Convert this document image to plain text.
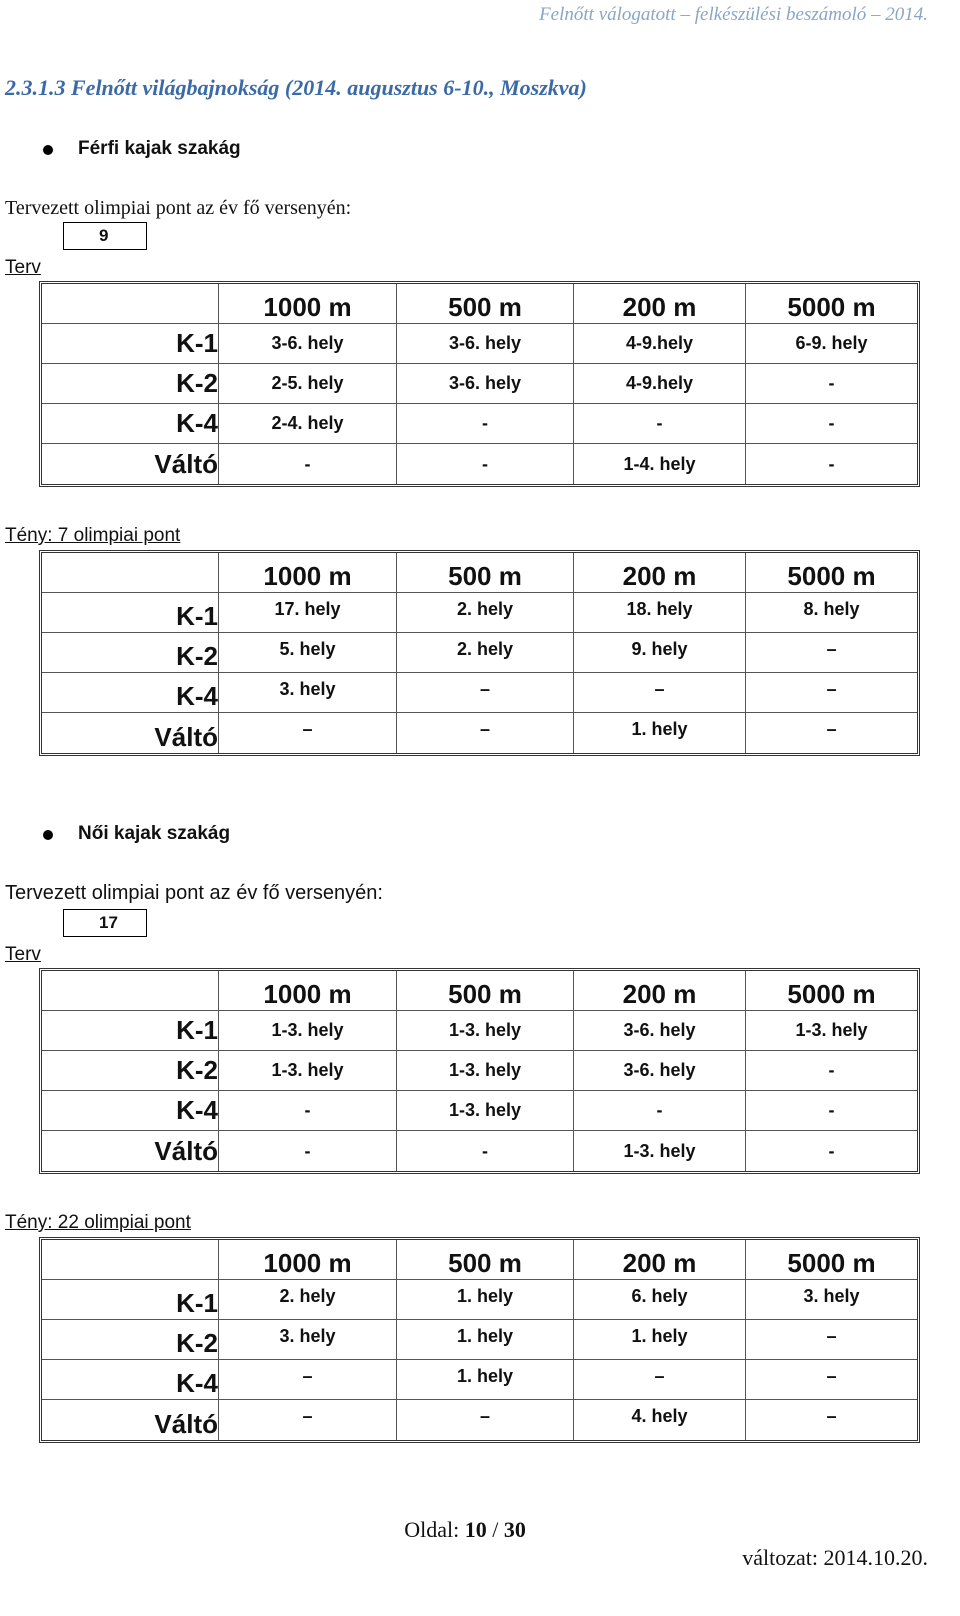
Felnőtt válogatott – felkészülési beszámoló – 2014.
2.3.1.3 Felnőtt világbajnokság (2014. augusztus 6-10., Moszkva)
Férfi kajak szakág
Tervezett olimpiai pont az év fő versenyén:
9
Terv
	1000 m	500 m	200 m	5000 m
K-1	3-6. hely	3-6. hely	4-9.hely	6-9. hely
K-2	2-5. hely	3-6. hely	4-9.hely	-
K-4	2-4. hely	-	-	-
Váltó	-	-	1-4. hely	-
Tény: 7 olimpiai pont
	1000 m	500 m	200 m	5000 m
K-1	17. hely	2. hely	18. hely	8. hely
K-2	5. hely	2. hely	9. hely	–
K-4	3. hely	–	–	–
Váltó	–	–	1. hely	–
Női kajak szakág
Tervezett olimpiai pont az év fő versenyén:
17
Terv
	1000 m	500 m	200 m	5000 m
K-1	1-3. hely	1-3. hely	3-6. hely	1-3. hely
K-2	1-3. hely	1-3. hely	3-6. hely	-
K-4	-	1-3. hely	-	-
Váltó	-	-	1-3. hely	-
Tény: 22 olimpiai pont
	1000 m	500 m	200 m	5000 m
K-1	2. hely	1. hely	6. hely	3. hely
K-2	3. hely	1. hely	1. hely	–
K-4	–	1. hely	–	–
Váltó	–	–	4. hely	–
Oldal: 10 / 30
változat: 2014.10.20.
